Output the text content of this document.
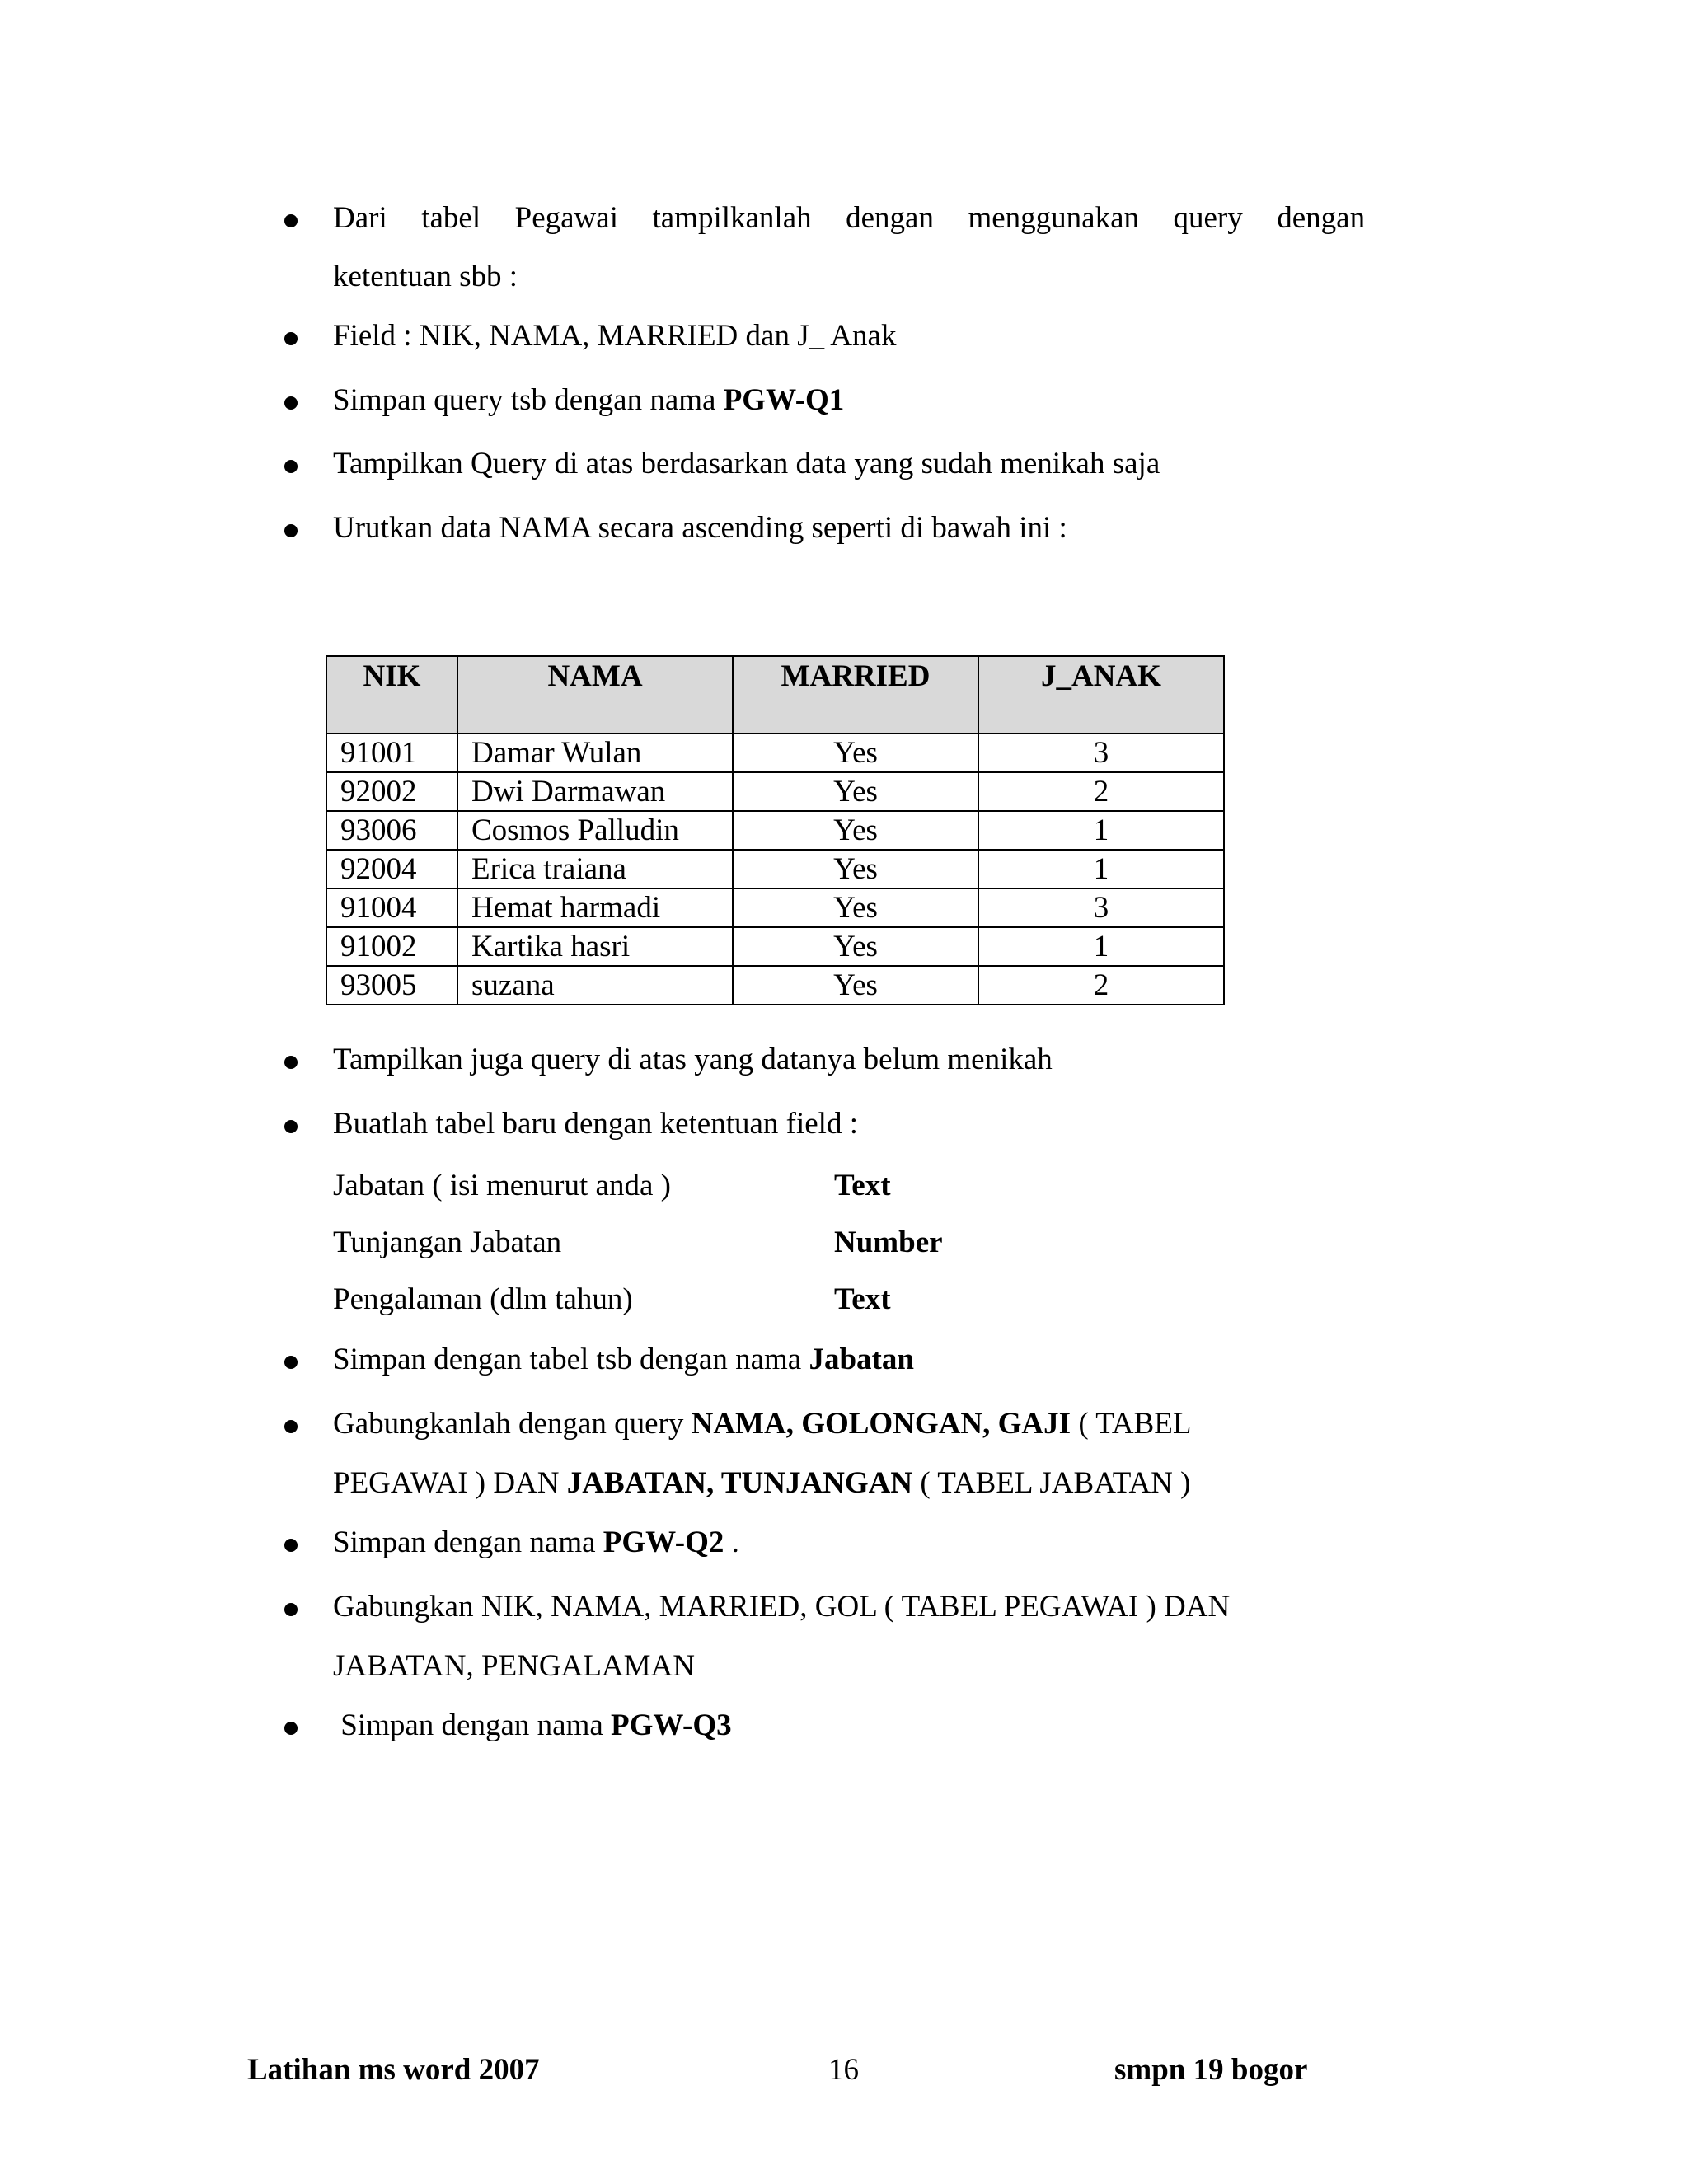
Dari tabel Pegawai tampilkanlah dengan menggunakan query dengan
ketentuan sbb :
Field : NIK, NAMA, MARRIED dan J_ Anak
Simpan query tsb dengan nama PGW-Q1
Tampilkan Query di atas berdasarkan data yang sudah menikah saja
Urutkan data NAMA secara ascending seperti di bawah ini :
NIK	NAMA	MARRIED	J_ANAK
91001	Damar Wulan	Yes	3
92002	Dwi Darmawan	Yes	2
93006	Cosmos Palludin	Yes	1
92004	Erica traiana	Yes	1
91004	Hemat harmadi	Yes	3
91002	Kartika hasri	Yes	1
93005	suzana	Yes	2
Tampilkan juga query di atas yang datanya belum menikah
Buatlah tabel baru dengan ketentuan field :
Jabatan ( isi menurut anda )	Text
Tunjangan Jabatan	Number
Pengalaman (dlm tahun)	Text
Simpan dengan tabel tsb dengan nama Jabatan
Gabungkanlah dengan query NAMA, GOLONGAN, GAJI ( TABEL
PEGAWAI ) DAN JABATAN, TUNJANGAN ( TABEL JABATAN )
Simpan dengan nama PGW-Q2 .
Gabungkan NIK, NAMA, MARRIED, GOL ( TABEL PEGAWAI ) DAN
JABATAN, PENGALAMAN
Simpan dengan nama PGW-Q3
Latihan ms word 2007	16	smpn 19 bogor
